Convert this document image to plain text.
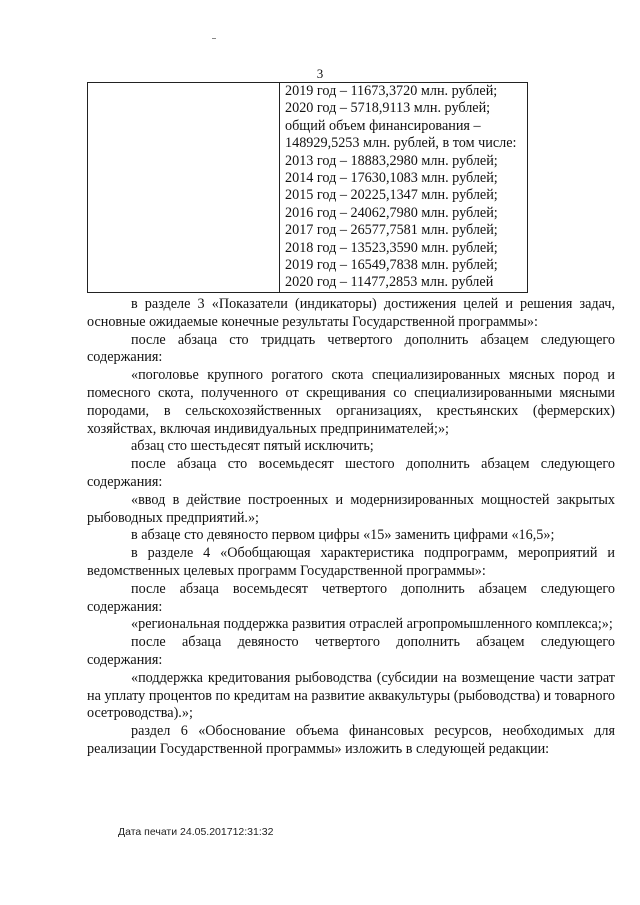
3
2019 год – 11673,3720 млн. рублей;
2020 год – 5718,9113 млн. рублей;
общий объем финансирования –
148929,5253 млн. рублей, в том числе:
2013 год – 18883,2980 млн. рублей;
2014 год – 17630,1083 млн. рублей;
2015 год – 20225,1347 млн. рублей;
2016 год – 24062,7980 млн. рублей;
2017 год – 26577,7581 млн. рублей;
2018 год – 13523,3590 млн. рублей;
2019 год – 16549,7838 млн. рублей;
2020 год – 11477,2853 млн. рублей

в разделе 3 «Показатели (индикаторы) достижения целей и решения задач, основные ожидаемые конечные результаты Государственной программы»:

после абзаца сто тридцать четвертого дополнить абзацем следующего содержания:

«поголовье крупного рогатого скота специализированных мясных пород и помесного скота, полученного от скрещивания со специализированными мясными породами, в сельскохозяйственных организациях, крестьянских (фермерских) хозяйствах, включая индивидуальных предпринимателей;»;

абзац сто шестьдесят пятый исключить;

после абзаца сто восемьдесят шестого дополнить абзацем следующего содержания:

«ввод в действие построенных и модернизированных мощностей закрытых рыбоводных предприятий.»;

в абзаце сто девяносто первом цифры «15» заменить цифрами «16,5»;

в разделе 4 «Обобщающая характеристика подпрограмм, мероприятий и ведомственных целевых программ Государственной программы»:

после абзаца восемьдесят четвертого дополнить абзацем следующего содержания:

«региональная поддержка развития отраслей агропромышленного комплекса;»;

после абзаца девяносто четвертого дополнить абзацем следующего содержания:

«поддержка кредитования рыбоводства (субсидии на возмещение части затрат на уплату процентов по кредитам на развитие аквакультуры (рыбоводства) и товарного осетроводства).»;

раздел 6 «Обоснование объема финансовых ресурсов, необходимых для реализации Государственной программы» изложить в следующей редакции:

Дата печати 24.05.201712:31:32
